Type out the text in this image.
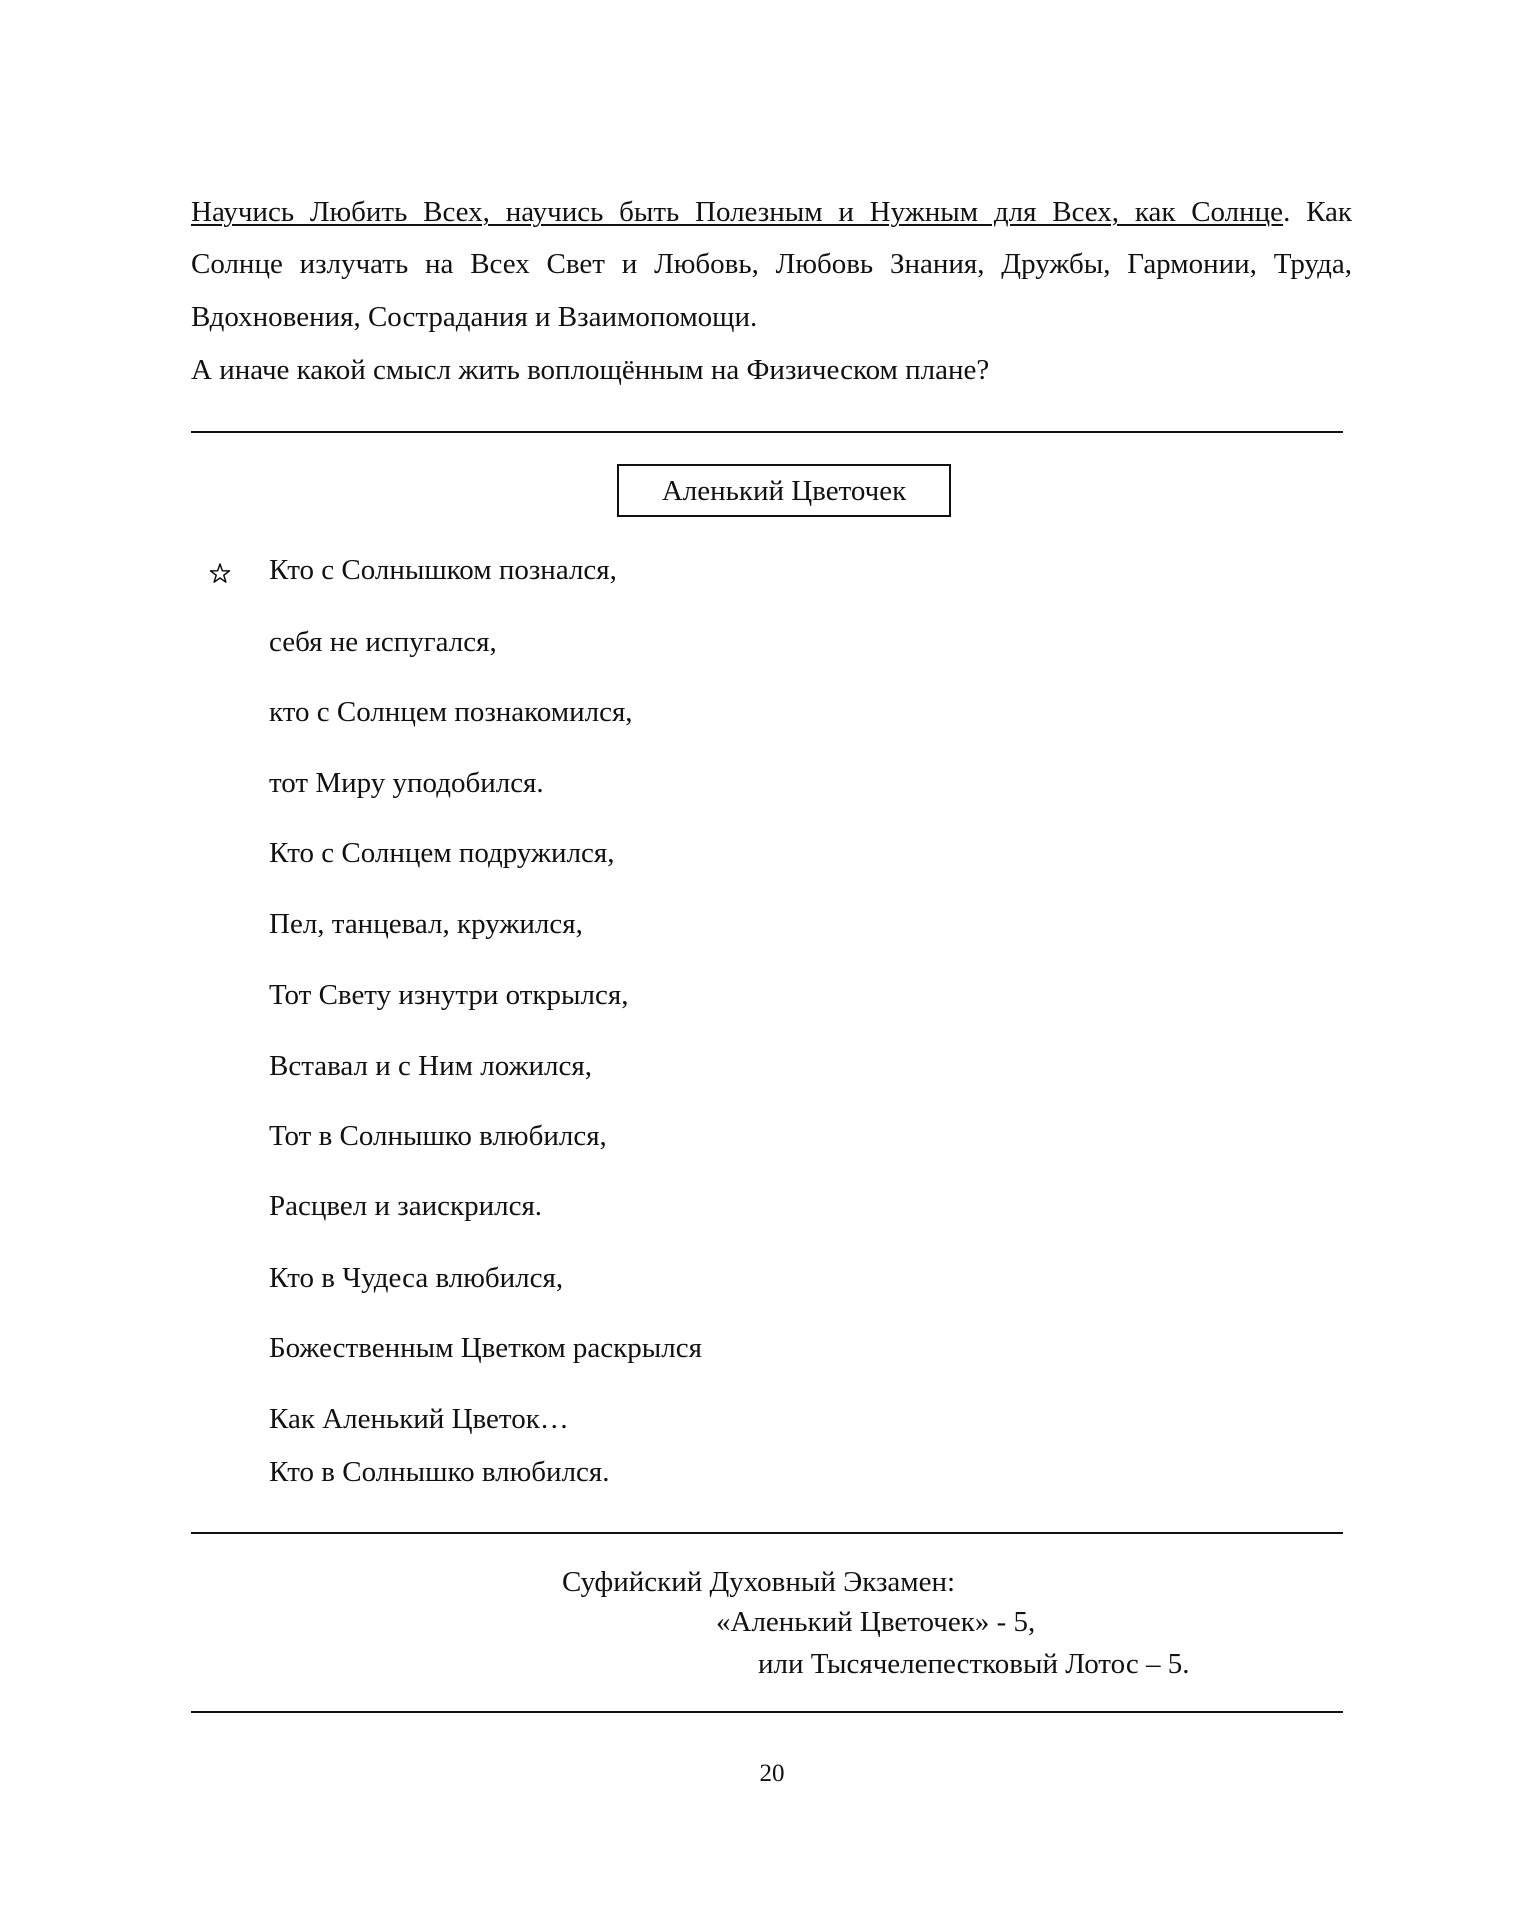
Научись Любить Всех, научись быть Полезным и Нужным для Всех, как Солнце. Как
Солнце излучать на Всех Свет и Любовь, Любовь Знания, Дружбы, Гармонии, Труда,
Вдохновения, Сострадания и Взаимопомощи.
А иначе какой смысл жить воплощённым на Физическом плане?
Аленький Цветочек
Кто с Солнышком познался,
себя не испугался,
кто с Солнцем познакомился,
тот Миру уподобился.
Кто с Солнцем подружился,
Пел, танцевал, кружился,
Тот Свету изнутри открылся,
Вставал и с Ним ложился,
Тот в Солнышко влюбился,
Расцвел и заискрился.
Кто в Чудеса влюбился,
Божественным Цветком раскрылся
Как Аленький Цветок…
Кто в Солнышко влюбился.
Суфийский Духовный Экзамен:
«Аленький Цветочек» - 5,
или Тысячелепестковый Лотос – 5.
20
